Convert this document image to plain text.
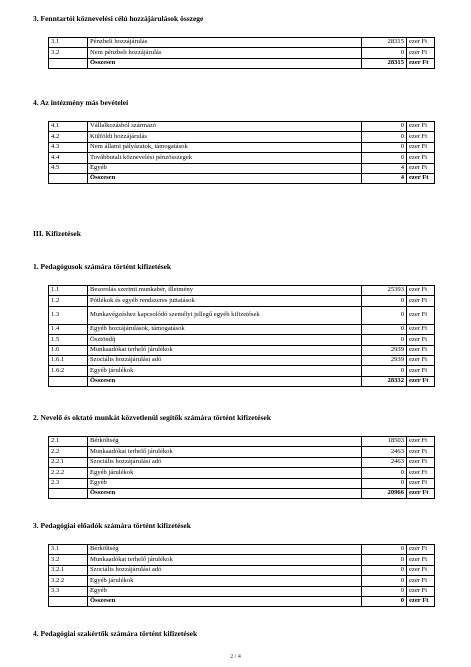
3. Fenntartói köznevelési célú hozzájárulások összege
3.1	Pénzbeli hozzájárulás	28315	ezer Ft
3.2	Nem pénzbeli hozzájárulás	0	ezer Ft
	Összesen	28315	ezer Ft
4. Az intézmény más bevételei
4.1	Vállalkozásból származó	0	ezer Ft
4.2	Külföldi hozzájárulás	0	ezer Ft
4.3	Nem állami pályázatok, támogatások	0	ezer Ft
4.4	Továbbutalt köznevelési pénzösszegek	0	ezer Ft
4.5	Egyéb	4	ezer Ft
	Összesen	4	ezer Ft
III. Kifizetések
1. Pedagógusok számára történt kifizetések
1.1	Besorolás szerinti munkabér, illetmény	25393	ezer Ft
1.2	Pótlékok és egyéb rendszeres juttatások	0	ezer Ft
1.3	Munkavégzéshez kapcsolódó személyi jellegű egyéb kifizetések	0	ezer Ft
1.4	Egyéb hozzájárulások, támogatások	0	ezer Ft
1.5	Ösztöndíj	0	ezer Ft
1.6	Munkaadókat terhelő járulékok	2939	ezer Ft
1.6.1	Szociális hozzájárulási adó	2939	ezer Ft
1.6.2	Egyéb járulékok	0	ezer Ft
	Összesen	28332	ezer Ft
2. Nevelő és oktató munkát közvetlenül segítők számára történt kifizetések
2.1	Bérköltség	18503	ezer Ft
2.2	Munkaadókat terhelő járulékok	2463	ezer Ft
2.2.1	Szociális hozzájárulási adó	2463	ezer Ft
2.2.2	Egyéb járulékok	0	ezer Ft
2.3	Egyéb	0	ezer Ft
	Összesen	20966	ezer Ft
3. Pedagógiai előadók számára történt kifizetések
3.1	Bérköltség	0	ezer Ft
3.2	Munkaadókat terhelő járulékok	0	ezer Ft
3.2.1	Szociális hozzájárulási adó	0	ezer Ft
3.2.2	Egyéb járulékok	0	ezer Ft
3.3	Egyéb	0	ezer Ft
	Összesen	0	ezer Ft
4. Pedagógiai szakértők számára történt kifizetések
2 / 4
